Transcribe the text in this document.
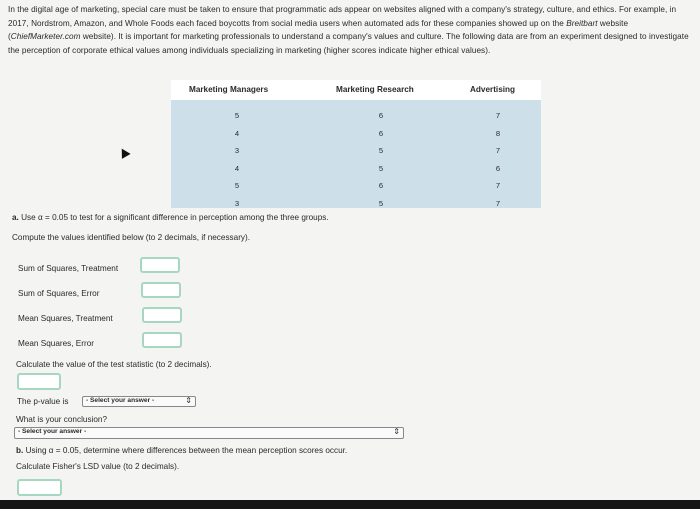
In the digital age of marketing, special care must be taken to ensure that programmatic ads appear on websites aligned with a company's strategy, culture, and ethics. For example, in 2017, Nordstrom, Amazon, and Whole Foods each faced boycotts from social media users when automated ads for these companies showed up on the Breitbart website (ChiefMarketer.com website). It is important for marketing professionals to understand a company's values and culture. The following data are from an experiment designed to investigate the perception of corporate ethical values among individuals specializing in marketing (higher scores indicate higher ethical values).
Marketing Managers	Marketing Research	Advertising
5	6	7
4	6	8
3	5	7
4	5	6
5	6	7
3	5	7
a. Use α = 0.05 to test for a significant difference in perception among the three groups.
Compute the values identified below (to 2 decimals, if necessary).
Sum of Squares, Treatment
Sum of Squares, Error
Mean Squares, Treatment
Mean Squares, Error
Calculate the value of the test statistic (to 2 decimals).
The p-value is	- Select your answer -	⇕
What is your conclusion?
- Select your answer -	⇕
b. Using α = 0.05, determine where differences between the mean perception scores occur.
Calculate Fisher's LSD value (to 2 decimals).
